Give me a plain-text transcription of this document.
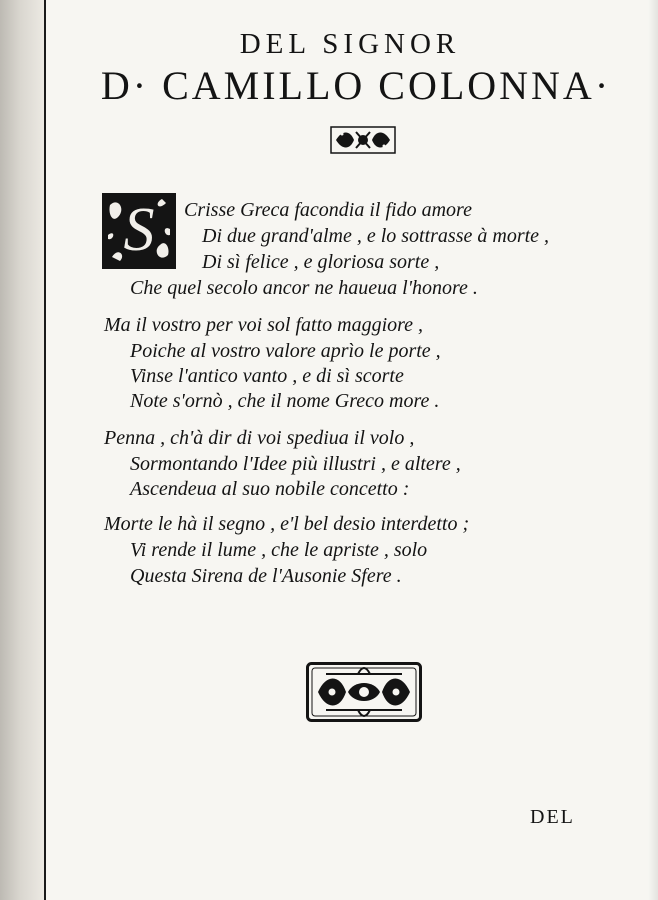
DEL SIGNOR
D· CAMILLO COLONNA·
S	Crisse Greca facondia il fido amore
Di due grand'alme , e lo sottrasse à morte ,
Di sì felice , e gloriosa sorte ,
Che quel secolo ancor ne haueua l'honore .
Ma il vostro per voi sol fatto maggiore ,
Poiche al vostro valore aprìo le porte ,
Vinse l'antico vanto , e di sì scorte
Note s'ornò , che il nome Greco more .
Penna , ch'à dir di voi spediua il volo ,
Sormontando l'Idee più illustri , e altere ,
Ascendeua al suo nobile concetto :
Morte le hà il segno , e'l bel desio interdetto ;
Vi rende il lume , che le apriste , solo
Questa Sirena de l'Ausonie Sfere .
DEL
